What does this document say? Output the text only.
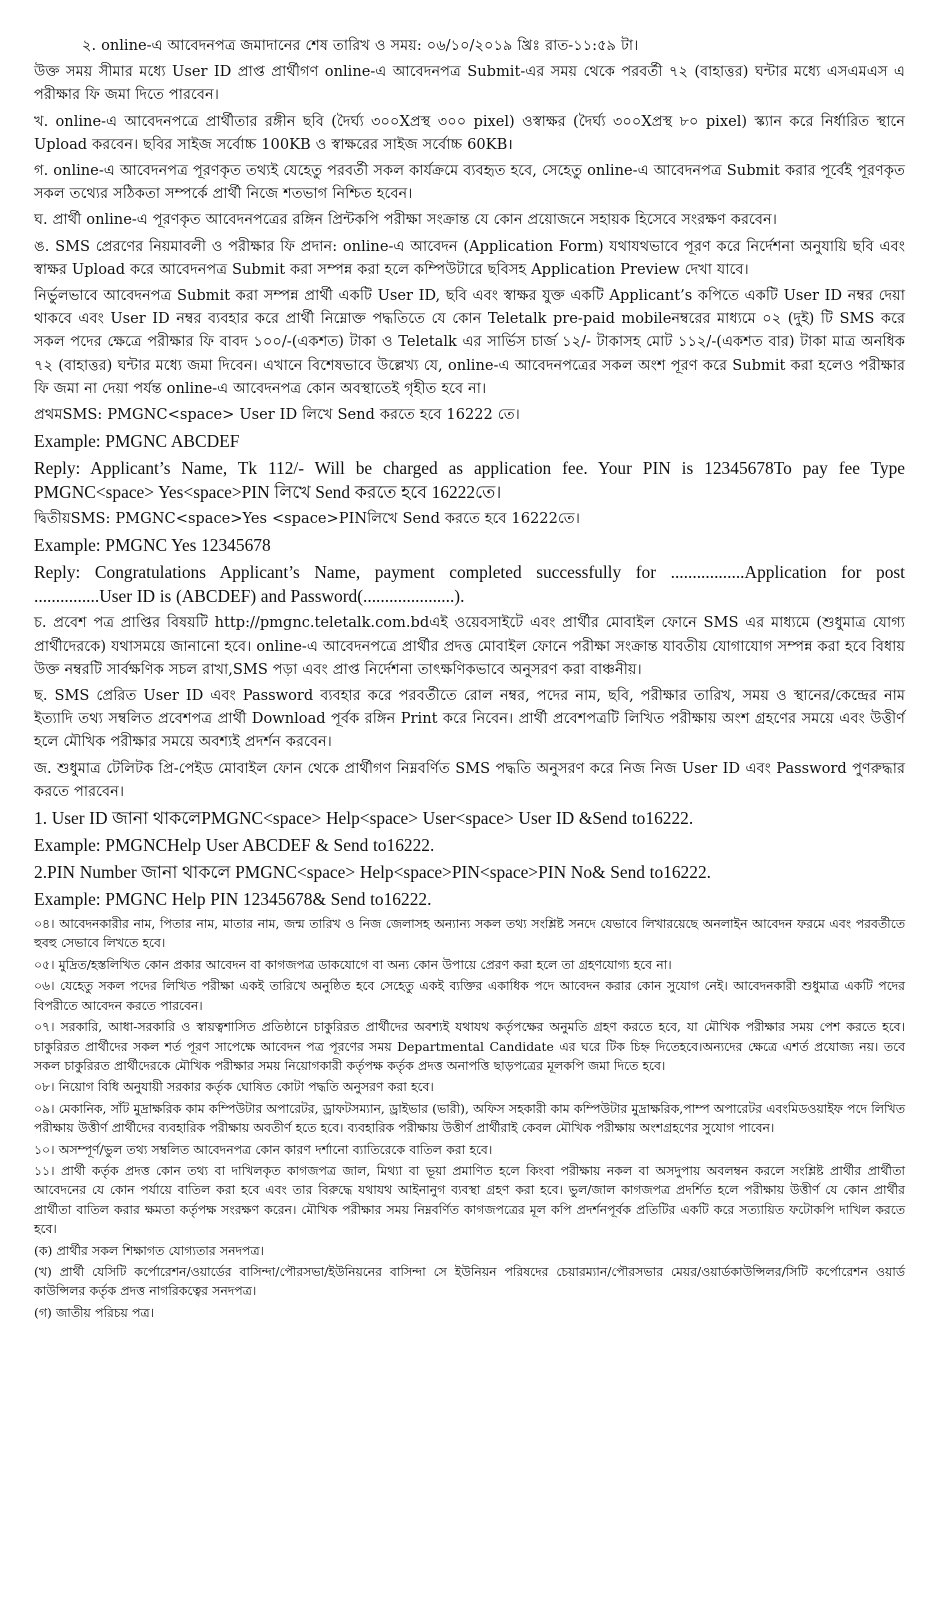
২. online-এ আবেদনপত্র জমাদানের শেষ তারিখ ও সময়: ০৬/১০/২০১৯ খ্রিঃ রাত-১১:৫৯ টা।

উক্ত সময় সীমার মধ্যে User ID প্রাপ্ত প্রার্থীগণ online-এ আবেদনপত্র Submit-এর সময় থেকে পরবর্তী ৭২ (বাহাত্তর) ঘন্টার মধ্যে এসএমএস এ পরীক্ষার ফি জমা দিতে পারবেন।

খ. online-এ আবেদনপত্রে প্রার্থীতার রঙ্গীন ছবি (দৈর্ঘ্য ৩০০Xপ্রস্থ ৩০০ pixel) ওস্বাক্ষর (দৈর্ঘ্য ৩০০Xপ্রস্থ ৮০ pixel) স্ক্যান করে নির্ধারিত স্থানে Upload করবেন। ছবির সাইজ সর্বোচ্চ 100KB ও স্বাক্ষরের সাইজ সর্বোচ্চ 60KB।

গ. online-এ আবেদনপত্র পূরণকৃত তথ্যই যেহেতু পরবর্তী সকল কার্যক্রমে ব্যবহৃত হবে, সেহেতু online-এ আবেদনপত্র Submit করার পূর্বেই পূরণকৃত সকল তথ্যের সঠিকতা সম্পর্কে প্রার্থী নিজে শতভাগ নিশ্চিত হবেন।

ঘ. প্রার্থী online-এ পূরণকৃত আবেদনপত্রের রঙ্গিন প্রিন্টকপি পরীক্ষা সংক্রান্ত যে কোন প্রয়োজনে সহায়ক হিসেবে সংরক্ষণ করবেন।

ঙ. SMS প্রেরণের নিয়মাবলী ও পরীক্ষার ফি প্রদান: online-এ আবেদন (Application Form) যথাযথভাবে পূরণ করে নির্দেশনা অনুযায়ি ছবি এবং স্বাক্ষর Upload করে আবেদনপত্র Submit করা সম্পন্ন করা হলে কম্পিউটারে ছবিসহ Application Preview দেখা যাবে।

নির্ভুলভাবে আবেদনপত্র Submit করা সম্পন্ন প্রার্থী একটি User ID, ছবি এবং স্বাক্ষর যুক্ত একটি Applicant’s কপিতে একটি User ID নম্বর দেয়া থাকবে এবং User ID নম্বর ব্যবহার করে প্রার্থী নিম্নোক্ত পদ্ধতিতে যে কোন Teletalk pre-paid mobileনম্বরের মাধ্যমে ০২ (দুই) টি SMS করে সকল পদের ক্ষেত্রে পরীক্ষার ফি বাবদ ১০০/-(একশত) টাকা ও Teletalk এর সার্ভিস চার্জ ১২/- টাকাসহ মোট ১১২/-(একশত বার) টাকা মাত্র অনধিক ৭২ (বাহাত্তর) ঘন্টার মধ্যে জমা দিবেন। এখানে বিশেষভাবে উল্লেখ্য যে, online-এ আবেদনপত্রের সকল অংশ পূরণ করে Submit করা হলেও পরীক্ষার ফি জমা না দেয়া পর্যন্ত online-এ আবেদনপত্র কোন অবস্থাতেই গৃহীত হবে না।

প্রথমSMS: PMGNC<space> User ID লিখে Send করতে হবে 16222 তে।

Example: PMGNC ABCDEF

Reply: Applicant’s Name, Tk 112/- Will be charged as application fee. Your PIN is 12345678To pay fee Type PMGNC<space> Yes<space>PIN লিখে Send করতে হবে 16222তে।

দ্বিতীয়SMS: PMGNC<space>Yes <space>PINলিখে Send করতে হবে 16222তে।

Example: PMGNC Yes 12345678

Reply: Congratulations Applicant’s Name, payment completed successfully for .................Application for post ...............User ID is (ABCDEF) and Password(.....................).

চ. প্রবেশ পত্র প্রাপ্তির বিষয়টি http://pmgnc.teletalk.com.bdএই ওয়েবসাইটে এবং প্রার্থীর মোবাইল ফোনে SMS এর মাধ্যমে (শুধুমাত্র যোগ্য প্রার্থীদেরকে) যথাসময়ে জানানো হবে। online-এ আবেদনপত্রে প্রার্থীর প্রদত্ত মোবাইল ফোনে পরীক্ষা সংক্রান্ত যাবতীয় যোগাযোগ সম্পন্ন করা হবে বিধায় উক্ত নম্বরটি সার্বক্ষণিক সচল রাখা,SMS পড়া এবং প্রাপ্ত নির্দেশনা তাৎক্ষণিকভাবে অনুসরণ করা বাঞ্চনীয়।

ছ. SMS প্রেরিত User ID এবং Password ব্যবহার করে পরবর্তীতে রোল নম্বর, পদের নাম, ছবি, পরীক্ষার তারিখ, সময় ও স্থানের/কেন্দ্রের নাম ইত্যাদি তথ্য সম্বলিত প্রবেশপত্র প্রার্থী Download পূর্বক রঙ্গিন Print করে নিবেন। প্রার্থী প্রবেশপত্রটি লিখিত পরীক্ষায় অংশ গ্রহণের সময়ে এবং উত্তীর্ণ হলে মৌখিক পরীক্ষার সময়ে অবশ্যই প্রদর্শন করবেন।

জ. শুধুমাত্র টেলিটক প্রি-পেইড মোবাইল ফোন থেকে প্রার্থীগণ নিম্নবর্ণিত SMS পদ্ধতি অনুসরণ করে নিজ নিজ User ID এবং Password পুণরুদ্ধার করতে পারবেন।

1. User ID জানা থাকলেPMGNC<space> Help<space> User<space> User ID &Send to16222.

Example: PMGNCHelp User ABCDEF & Send to16222.

2.PIN Number জানা থাকলে PMGNC<space> Help<space>PIN<space>PIN No& Send to16222.

Example: PMGNC Help PIN 12345678& Send to16222.

০৪। আবেদনকারীর নাম, পিতার নাম, মাতার নাম, জন্ম তারিখ ও নিজ জেলাসহ অন্যান্য সকল তথ্য সংশ্লিষ্ট সনদে যেভাবে লিখারয়েছে অনলাইন আবেদন ফরমে এবং পরবর্তীতে হুবহু সেভাবে লিখতে হবে।

০৫। মুদ্রিত/হস্তলিখিত কোন প্রকার আবেদন বা কাগজপত্র ডাকযোগে বা অন্য কোন উপায়ে প্রেরণ করা হলে তা গ্রহণযোগ্য হবে না।

০৬। যেহেতু সকল পদের লিখিত পরীক্ষা একই তারিখে অনুষ্ঠিত হবে সেহেতু একই ব্যক্তির একাধিক পদে আবেদন করার কোন সুযোগ নেই। আবেদনকারী শুধুমাত্র একটি পদের বিপরীতে আবেদন করতে পারবেন।

০৭। সরকারি, আধা-সরকারি ও স্বায়ত্বশাসিত প্রতিষ্ঠানে চাকুরিরত প্রার্থীদের অবশ্যই যথাযথ কর্তৃপক্ষের অনুমতি গ্রহণ করতে হবে, যা মৌখিক পরীক্ষার সময় পেশ করতে হবে। চাকুরিরত প্রার্থীদের সকল শর্ত পূরণ সাপেক্ষে আবেদন পত্র পূরণের সময় Departmental Candidate এর ঘরে টিক চিহ্ন দিতেহবে।অন্যদের ক্ষেত্রে এশর্ত প্রযোজ্য নয়। তবে সকল চাকুরিরত প্রার্থীদেরকে মৌখিক পরীক্ষার সময় নিয়োগকারী কর্তৃপক্ষ কর্তৃক প্রদত্ত অনাপত্তি ছাড়পত্রের মূলকপি জমা দিতে হবে।

০৮। নিয়োগ বিধি অনুযায়ী সরকার কর্তৃক ঘোষিত কোটা পদ্ধতি অনুসরণ করা হবে।

০৯। মেকানিক, সাঁট মুদ্রাক্ষরিক কাম কম্পিউটার অপারেটর, ড্রাফটসম্যান, ড্রাইভার (ভারী), অফিস সহকারী কাম কম্পিউটার মুদ্রাক্ষরিক,পাম্প অপারেটর এবংমিডওয়াইফ পদে লিখিত পরীক্ষায় উত্তীর্ণ প্রার্থীদের ব্যবহারিক পরীক্ষায় অবতীর্ণ হতে হবে। ব্যবহারিক পরীক্ষায় উত্তীর্ণ প্রার্থীরাই কেবল মৌখিক পরীক্ষায় অংশগ্রহণের সুযোগ পাবেন।

১০। অসম্পূর্ণ/ভুল তথ্য সম্বলিত আবেদনপত্র কোন কারণ দর্শানো ব্যাতিরেকে বাতিল করা হবে।

১১। প্রার্থী কর্তৃক প্রদত্ত কোন তথ্য বা দাখিলকৃত কাগজপত্র জাল, মিথ্যা বা ভূয়া প্রমাণিত হলে কিংবা পরীক্ষায় নকল বা অসদুপায় অবলম্বন করলে সংশ্লিষ্ট প্রার্থীর প্রার্থীতা আবেদনের যে কোন পর্যায়ে বাতিল করা হবে এবং তার বিরুদ্ধে যথাযথ আইনানুগ ব্যবস্থা গ্রহণ করা হবে। ভুল/জাল কাগজপত্র প্রদর্শিত হলে পরীক্ষায় উত্তীর্ণ যে কোন প্রার্থীর প্রার্থীতা বাতিল করার ক্ষমতা কর্তৃপক্ষ সংরক্ষণ করেন। মৌখিক পরীক্ষার সময় নিম্নবর্ণিত কাগজপত্রের মূল কপি প্রদর্শনপূর্বক প্রতিটির একটি করে সত্যায়িত ফটোকপি দাখিল করতে হবে।

(ক) প্রার্থীর সকল শিক্ষাগত যোগ্যতার সনদপত্র।

(খ) প্রার্থী যেসিটি কর্পোরেশন/ওয়ার্ডের বাসিন্দা/পৌরসভা/ইউনিয়নের বাসিন্দা সে ইউনিয়ন পরিষদের চেয়ারম্যান/পৌরসভার মেয়র/ওয়ার্ডকাউন্সিলর/সিটি কর্পোরেশন ওয়ার্ড কাউন্সিলর কর্তৃক প্রদত্ত নাগরিকত্বের সনদপত্র।

(গ) জাতীয় পরিচয় পত্র।
